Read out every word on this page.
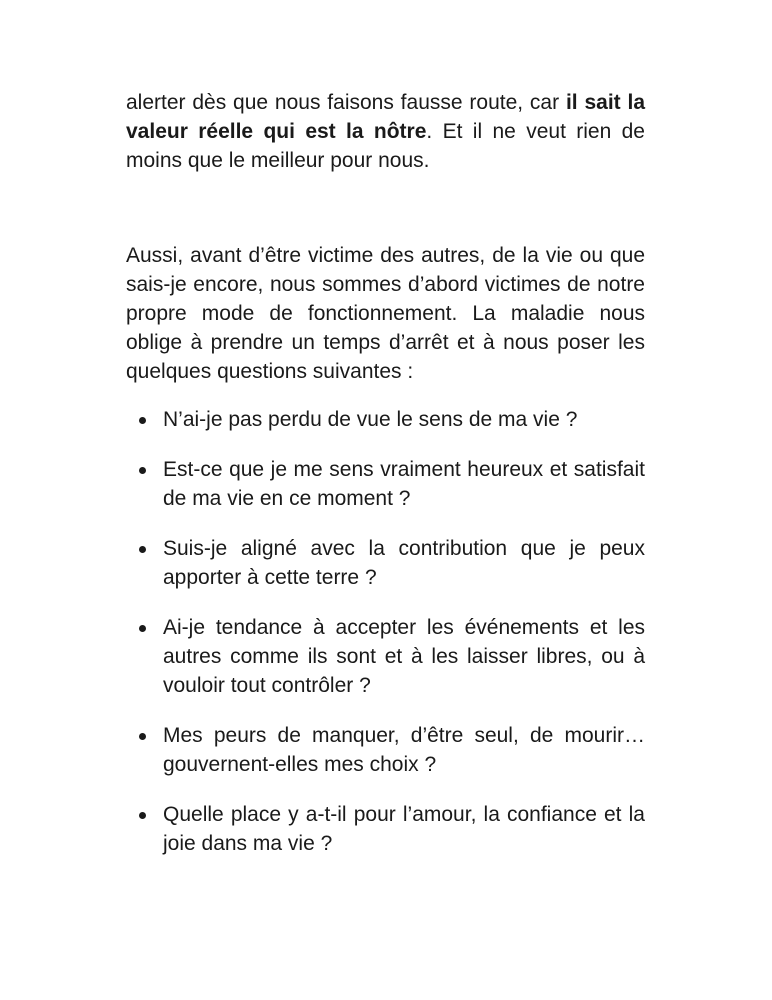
alerter dès que nous faisons fausse route, car il sait la valeur réelle qui est la nôtre. Et il ne veut rien de moins que le meilleur pour nous.

Aussi, avant d’être victime des autres, de la vie ou que sais-je encore, nous sommes d’abord victimes de notre propre mode de fonctionnement. La maladie nous oblige à prendre un temps d’arrêt et à nous poser les quelques questions suivantes :

N’ai-je pas perdu de vue le sens de ma vie ?
Est-ce que je me sens vraiment heureux et satisfait de ma vie en ce moment ?
Suis-je aligné avec la contribution que je peux apporter à cette terre ?
Ai-je tendance à accepter les événements et les autres comme ils sont et à les laisser libres, ou à vouloir tout contrôler ?
Mes peurs de manquer, d’être seul, de mourir… gouvernent-elles mes choix ?
Quelle place y a-t-il pour l’amour, la confiance et la joie dans ma vie ?
